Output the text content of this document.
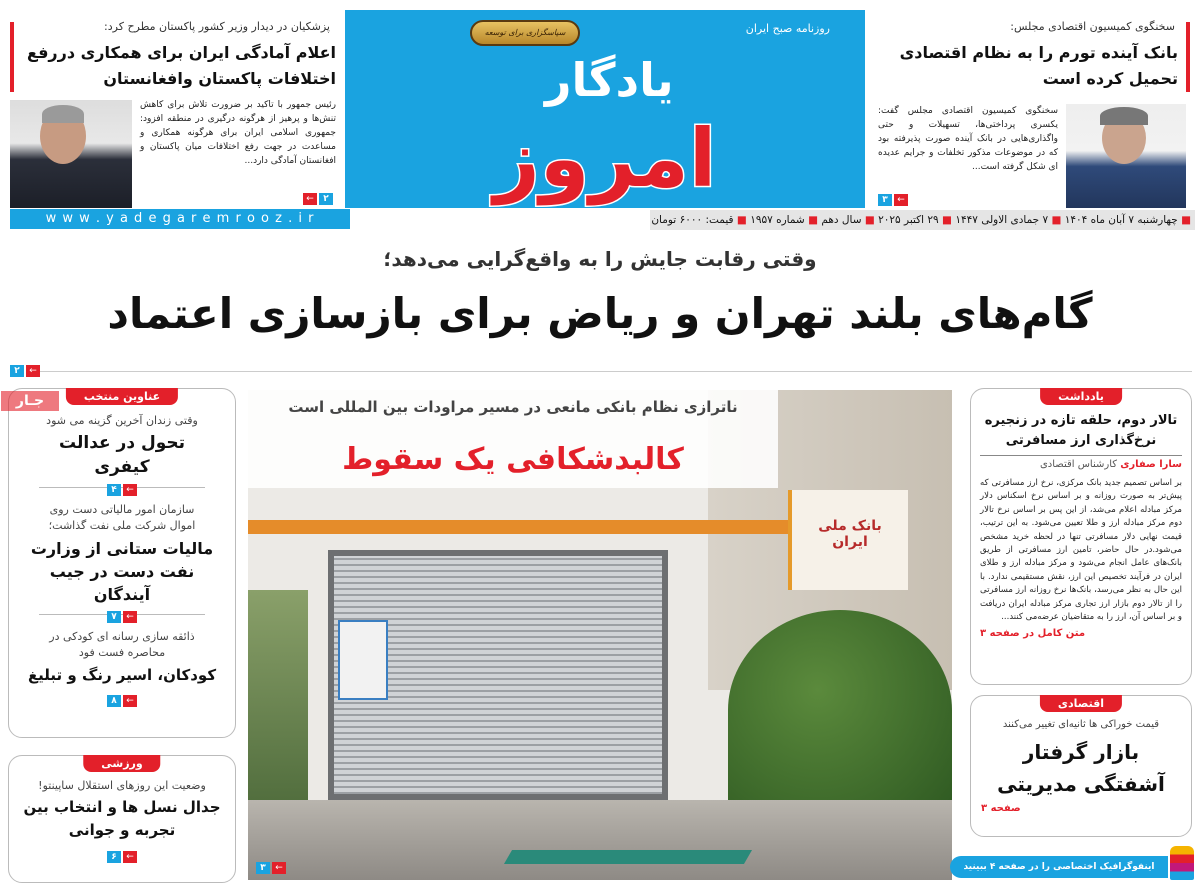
پزشکیان در دیدار وزیر کشور پاکستان مطرح کرد:
اعلام آمادگی ایران برای همکاری دررفع اختلافات پاکستان وافغانستان
رئیس جمهور با تاکید بر ضرورت تلاش برای کاهش تنش‌ها و پرهیز از هرگونه درگیری در منطقه افزود: جمهوری اسلامی ایران برای هرگونه همکاری و مساعدت در جهت رفع اختلافات میان پاکستان و افغانستان آمادگی دارد...
←	۲
w w w . y a d e g a r e m r o o z . i r
روزنامه صبح ایران
سپاسگزاری برای توسعه
یادگار
امروز
سخنگوی کمیسیون اقتصادی مجلس:
بانک آینده تورم را به نظام اقتصادی تحمیل کرده است
سخنگوی کمیسیون اقتصادی مجلس گفت: یکسری پرداختی‌ها، تسهیلات و حتی واگذاری‌هایی در بانک آینده صورت پذیرفته بود که در موضوعات مذکور تخلفات و جرایم عدیده ای شکل گرفته است...
۳	←
■ چهارشنبه ۷ آبان ماه ۱۴۰۴ ■ ۷ جمادی الاولی ۱۴۴۷ ■ ۲۹ اکتبر ۲۰۲۵ ■ سال دهم ■ شماره ۱۹۵۷ ■ قیمت: ۶۰۰۰ تومان
وقتی رقابت جایش را به واقع‌گرایی می‌دهد؛
گام‌های بلند تهران و ریاض برای بازسازی اعتماد
۲	←
عناوین منتخب
جـار
وقتی زندان آخرین گزینه می شود
تحول در عدالت کیفری
←
۴
سازمان امور مالیاتی دست روی اموال شرکت ملی نفت گذاشت؛
مالیات ستانی از وزارت نفت دست در جیب آیندگان
←
۷
ذائقه سازی رسانه ای کودکی در محاصره فست فود
کودکان، اسیر رنگ و تبلیغ
←
۸
ورزشی
وضعیت این روزهای استقلال ساپینتو!
جدال نسل ها و انتخاب بین تجربه و جوانی
←
۶
بانک ملی ایران
ناترازی نظام بانکی مانعی در مسیر مراودات بین المللی است
کالبدشکافی یک سقوط
۳	←
یادداشت
تالار دوم، حلقه تازه در زنجیره نرخ‌گذاری ارز مسافرتی
سارا صفاری کارشناس اقتصادی
بر اساس تصمیم جدید بانک مرکزی، نرخ ارز مسافرتی که پیش‌تر به صورت روزانه و بر اساس نرخ اسکناس دلار مرکز مبادله اعلام می‌شد، از این پس بر اساس نرخ تالار دوم مرکز مبادله ارز و طلا تعیین می‌شود. به این ترتیب، قیمت نهایی دلار مسافرتی تنها در لحظه خرید مشخص می‌شود.در حال حاضر، تامین ارز مسافرتی از طریق بانک‌های عامل انجام می‌شود و مرکز مبادله ارز و طلای ایران در فرآیند تخصیص این ارز، نقش مستقیمی ندارد. با این حال به نظر می‌رسد، بانک‌ها نرخ روزانه ارز مسافرتی را از تالار دوم بازار ارز تجاری مرکز مبادله ایران دریافت و بر اساس آن، ارز را به متقاضیان عرضه‌می کنند...
متن کامل در صفحه ۳
اقتصادی
قیمت خوراکی ها ثانیه‌ای تغییر می‌کنند
بازار گرفتار آشفتگی مدیریتی
صفحه ۳
اینفوگرافیک اختصاصی را در صفحه ۴ ببینید
